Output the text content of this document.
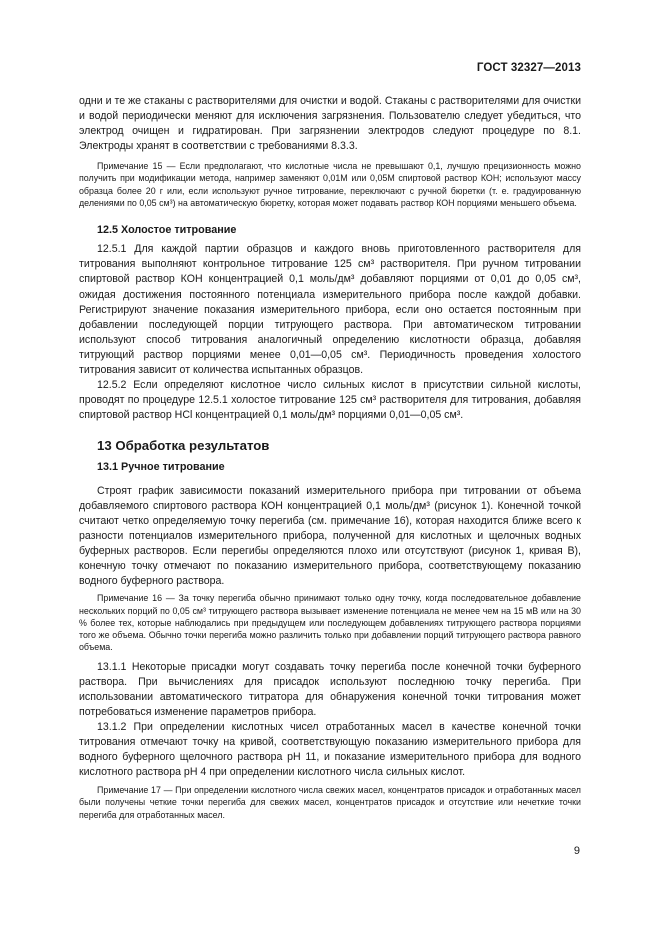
ГОСТ 32327—2013

одни и те же стаканы с растворителями для очистки и водой. Стаканы с растворителями для очистки и водой периодически меняют для исключения загрязнения. Пользователю следует убедиться, что электрод очищен и гидратирован. При загрязнении электродов следуют процедуре по 8.1. Электроды хранят в соответствии с требованиями 8.3.3.

Примечание 15 — Если предполагают, что кислотные числа не превышают 0,1, лучшую прецизионность можно получить при модификации метода, например заменяют 0,01М или 0,05М спиртовой раствор КОН; используют массу образца более 20 г или, если используют ручное титрование, переключают с ручной бюретки (т. е. градуированную делениями по 0,05 см³) на автоматическую бюретку, которая может подавать раствор КОН порциями меньшего объема.

12.5 Холостое титрование

12.5.1 Для каждой партии образцов и каждого вновь приготовленного растворителя для титрования выполняют контрольное титрование 125 см³ растворителя. При ручном титровании спиртовой раствор КОН концентрацией 0,1 моль/дм³ добавляют порциями от 0,01 до 0,05 см³, ожидая достижения постоянного потенциала измерительного прибора после каждой добавки. Регистрируют значение показания измерительного прибора, если оно остается постоянным при добавлении последующей порции титрующего раствора. При автоматическом титровании используют способ титрования аналогичный определению кислотности образца, добавляя титрующий раствор порциями менее 0,01—0,05 см³. Периодичность проведения холостого титрования зависит от количества испытанных образцов.

12.5.2 Если определяют кислотное число сильных кислот в присутствии сильной кислоты, проводят по процедуре 12.5.1 холостое титрование 125 см³ растворителя для титрования, добавляя спиртовой раствор HCl концентрацией 0,1 моль/дм³ порциями 0,01—0,05 см³.

13 Обработка результатов
13.1 Ручное титрование

Строят график зависимости показаний измерительного прибора при титровании от объема добавляемого спиртового раствора КОН концентрацией 0,1 моль/дм³ (рисунок 1). Конечной точкой считают четко определяемую точку перегиба (см. примечание 16), которая находится ближе всего к разности потенциалов измерительного прибора, полученной для кислотных и щелочных водных буферных растворов. Если перегибы определяются плохо или отсутствуют (рисунок 1, кривая В), конечную точку отмечают по показанию измерительного прибора, соответствующему показанию водного буферного раствора.

Примечание 16 — За точку перегиба обычно принимают только одну точку, когда последовательное добавление нескольких порций по 0,05 см³ титрующего раствора вызывает изменение потенциала не менее чем на 15 мВ или на 30 % более тех, которые наблюдались при предыдущем или последующем добавлениях титрующего раствора порциями того же объема. Обычно точки перегиба можно различить только при добавлении порций титрующего раствора равного объема.

13.1.1 Некоторые присадки могут создавать точку перегиба после конечной точки буферного раствора. При вычислениях для присадок используют последнюю точку перегиба. При использовании автоматического титратора для обнаружения конечной точки титрования может потребоваться изменение параметров прибора.

13.1.2 При определении кислотных чисел отработанных масел в качестве конечной точки титрования отмечают точку на кривой, соответствующую показанию измерительного прибора для водного буферного щелочного раствора рН 11, и показание измерительного прибора для водного кислотного раствора рН 4 при определении кислотного числа сильных кислот.

Примечание 17 — При определении кислотного числа свежих масел, концентратов присадок и отработанных масел были получены четкие точки перегиба для свежих масел, концентратов присадок и отсутствие или нечеткие точки перегиба для отработанных масел.

9
